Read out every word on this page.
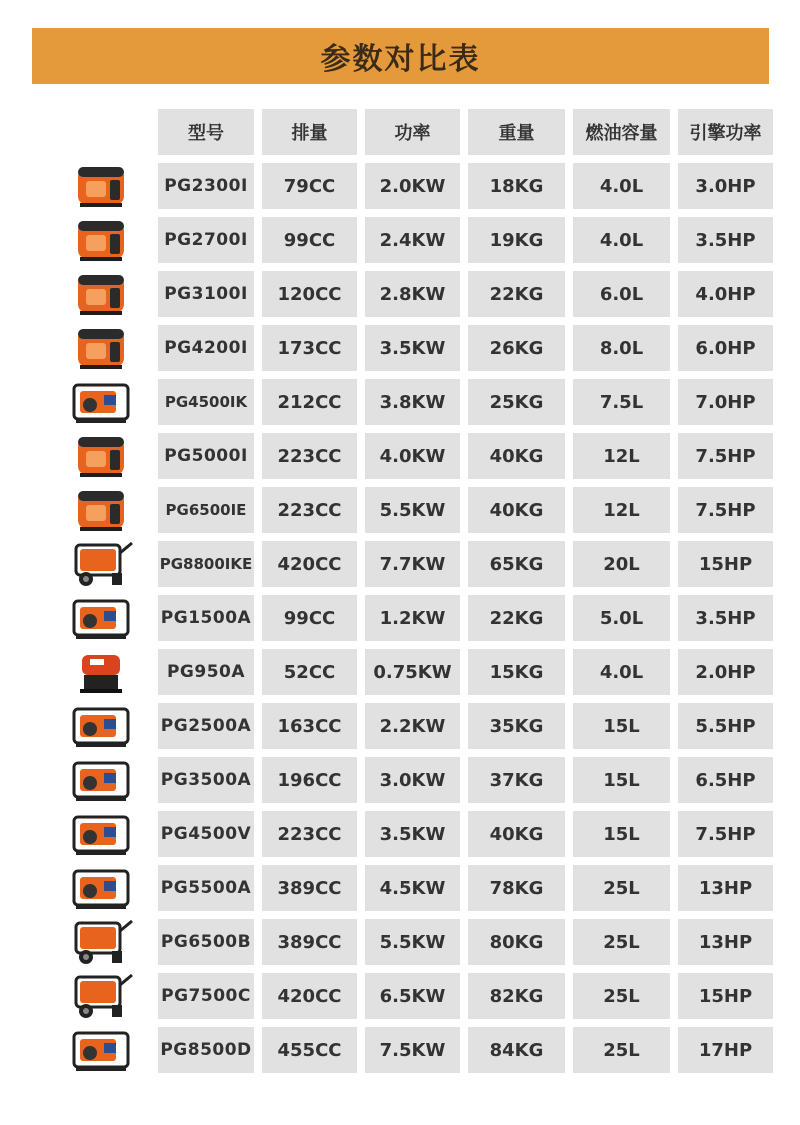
参数对比表
型号	排量	功率	重量	燃油容量	引擎功率
PG2300I	79CC	2.0KW	18KG	4.0L	3.0HP
PG2700I	99CC	2.4KW	19KG	4.0L	3.5HP
PG3100I	120CC	2.8KW	22KG	6.0L	4.0HP
PG4200I	173CC	3.5KW	26KG	8.0L	6.0HP
PG4500IK	212CC	3.8KW	25KG	7.5L	7.0HP
PG5000I	223CC	4.0KW	40KG	12L	7.5HP
PG6500IE	223CC	5.5KW	40KG	12L	7.5HP
PG8800IKE	420CC	7.7KW	65KG	20L	15HP
PG1500A	99CC	1.2KW	22KG	5.0L	3.5HP
PG950A	52CC	0.75KW	15KG	4.0L	2.0HP
PG2500A	163CC	2.2KW	35KG	15L	5.5HP
PG3500A	196CC	3.0KW	37KG	15L	6.5HP
PG4500V	223CC	3.5KW	40KG	15L	7.5HP
PG5500A	389CC	4.5KW	78KG	25L	13HP
PG6500B	389CC	5.5KW	80KG	25L	13HP
PG7500C	420CC	6.5KW	82KG	25L	15HP
PG8500D	455CC	7.5KW	84KG	25L	17HP
